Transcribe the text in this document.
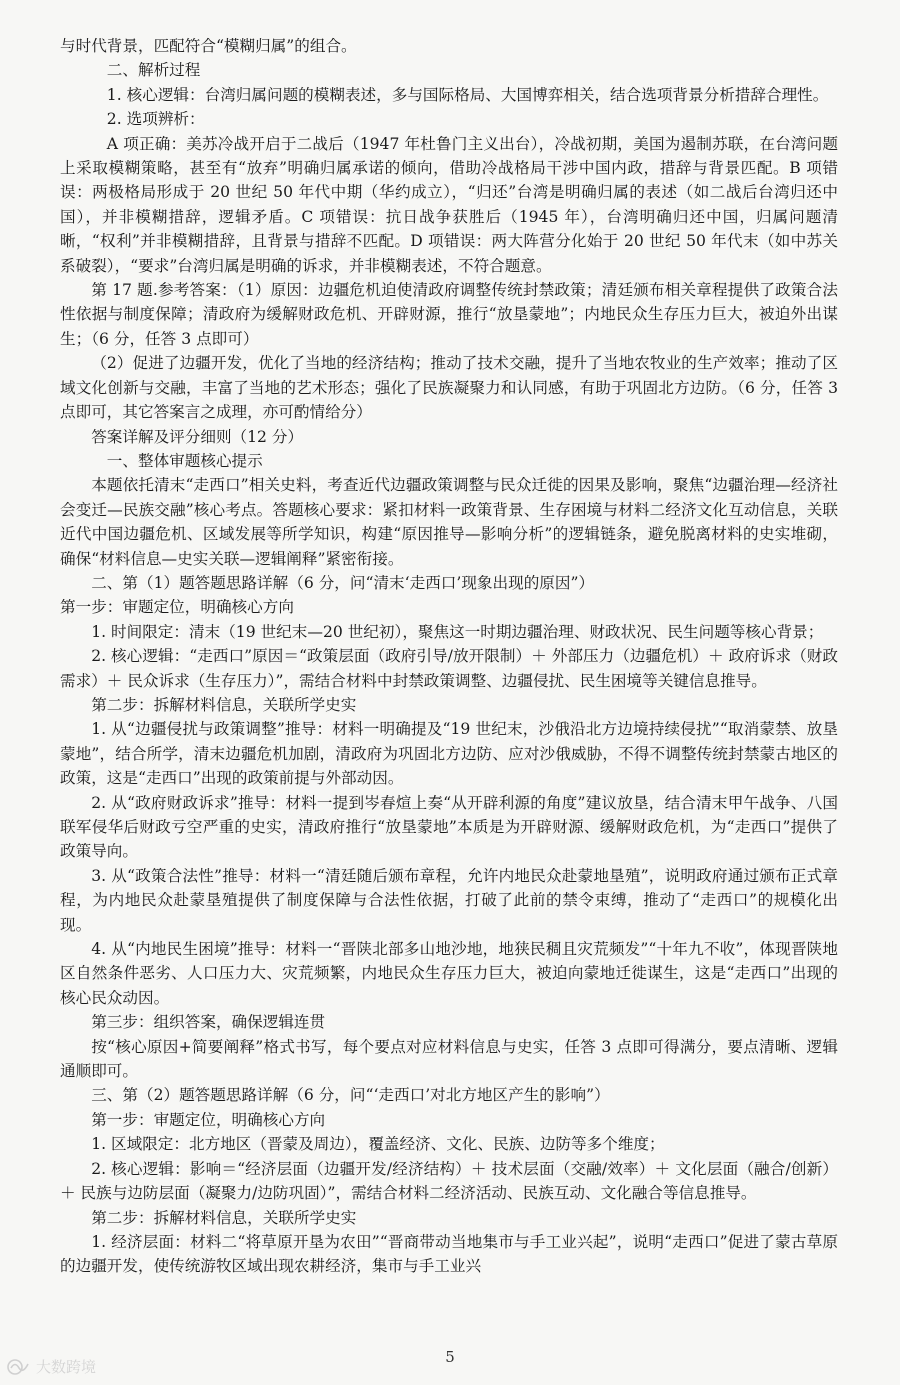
与时代背景，匹配符合“模糊归属”的组合。

二、解析过程

1. 核心逻辑：台湾归属问题的模糊表述，多与国际格局、大国博弈相关，结合选项背景分析措辞合理性。

2. 选项辨析：

A 项正确：美苏冷战开启于二战后（1947 年杜鲁门主义出台），冷战初期，美国为遏制苏联，在台湾问题上采取模糊策略，甚至有“放弃”明确归属承诺的倾向，借助冷战格局干涉中国内政，措辞与背景匹配。B 项错误：两极格局形成于 20 世纪 50 年代中期（华约成立），“归还”台湾是明确归属的表述（如二战后台湾归还中国），并非模糊措辞，逻辑矛盾。C 项错误：抗日战争获胜后（1945 年），台湾明确归还中国，归属问题清晰，“权利”并非模糊措辞，且背景与措辞不匹配。D 项错误：两大阵营分化始于 20 世纪 50 年代末（如中苏关系破裂），“要求”台湾归属是明确的诉求，并非模糊表述，不符合题意。

第 17 题.参考答案：（1）原因：边疆危机迫使清政府调整传统封禁政策；清廷颁布相关章程提供了政策合法性依据与制度保障；清政府为缓解财政危机、开辟财源，推行“放垦蒙地”；内地民众生存压力巨大，被迫外出谋生；（6 分，任答 3 点即可）

（2）促进了边疆开发，优化了当地的经济结构；推动了技术交融，提升了当地农牧业的生产效率；推动了区域文化创新与交融，丰富了当地的艺术形态；强化了民族凝聚力和认同感，有助于巩固北方边防。（6 分，任答 3 点即可，其它答案言之成理，亦可酌情给分）

答案详解及评分细则（12 分）

一、整体审题核心提示

本题依托清末“走西口”相关史料，考查近代边疆政策调整与民众迁徙的因果及影响，聚焦“边疆治理—经济社会变迁—民族交融”核心考点。答题核心要求：紧扣材料一政策背景、生存困境与材料二经济文化互动信息，关联近代中国边疆危机、区域发展等所学知识，构建“原因推导—影响分析”的逻辑链条，避免脱离材料的史实堆砌，确保“材料信息—史实关联—逻辑阐释”紧密衔接。

二、第（1）题答题思路详解（6 分，问“清末‘走西口’现象出现的原因”）

第一步：审题定位，明确核心方向

1. 时间限定：清末（19 世纪末—20 世纪初），聚焦这一时期边疆治理、财政状况、民生问题等核心背景；

2. 核心逻辑：“走西口”原因＝“政策层面（政府引导/放开限制）＋ 外部压力（边疆危机）＋ 政府诉求（财政需求）＋ 民众诉求（生存压力）”，需结合材料中封禁政策调整、边疆侵扰、民生困境等关键信息推导。

第二步：拆解材料信息，关联所学史实

1. 从“边疆侵扰与政策调整”推导：材料一明确提及“19 世纪末，沙俄沿北方边境持续侵扰”“取消蒙禁、放垦蒙地”，结合所学，清末边疆危机加剧，清政府为巩固北方边防、应对沙俄威胁，不得不调整传统封禁蒙古地区的政策，这是“走西口”出现的政策前提与外部动因。

2. 从“政府财政诉求”推导：材料一提到岑春煊上奏“从开辟利源的角度”建议放垦，结合清末甲午战争、八国联军侵华后财政亏空严重的史实，清政府推行“放垦蒙地”本质是为开辟财源、缓解财政危机，为“走西口”提供了政策导向。

3. 从“政策合法性”推导：材料一“清廷随后颁布章程，允许内地民众赴蒙地垦殖”，说明政府通过颁布正式章程，为内地民众赴蒙垦殖提供了制度保障与合法性依据，打破了此前的禁令束缚，推动了“走西口”的规模化出现。

4. 从“内地民生困境”推导：材料一“晋陕北部多山地沙地，地狭民稠且灾荒频发”“十年九不收”，体现晋陕地区自然条件恶劣、人口压力大、灾荒频繁，内地民众生存压力巨大，被迫向蒙地迁徙谋生，这是“走西口”出现的核心民众动因。

第三步：组织答案，确保逻辑连贯

按“核心原因+简要阐释”格式书写，每个要点对应材料信息与史实，任答 3 点即可得满分，要点清晰、逻辑通顺即可。

三、第（2）题答题思路详解（6 分，问“‘走西口’对北方地区产生的影响”）

第一步：审题定位，明确核心方向

1. 区域限定：北方地区（晋蒙及周边），覆盖经济、文化、民族、边防等多个维度；

2. 核心逻辑：影响＝“经济层面（边疆开发/经济结构）＋ 技术层面（交融/效率）＋ 文化层面（融合/创新）＋ 民族与边防层面（凝聚力/边防巩固）”，需结合材料二经济活动、民族互动、文化融合等信息推导。

第二步：拆解材料信息，关联所学史实

1. 经济层面：材料二“将草原开垦为农田”“晋商带动当地集市与手工业兴起”，说明“走西口”促进了蒙古草原的边疆开发，使传统游牧区域出现农耕经济，集市与手工业兴

5
大数跨境
